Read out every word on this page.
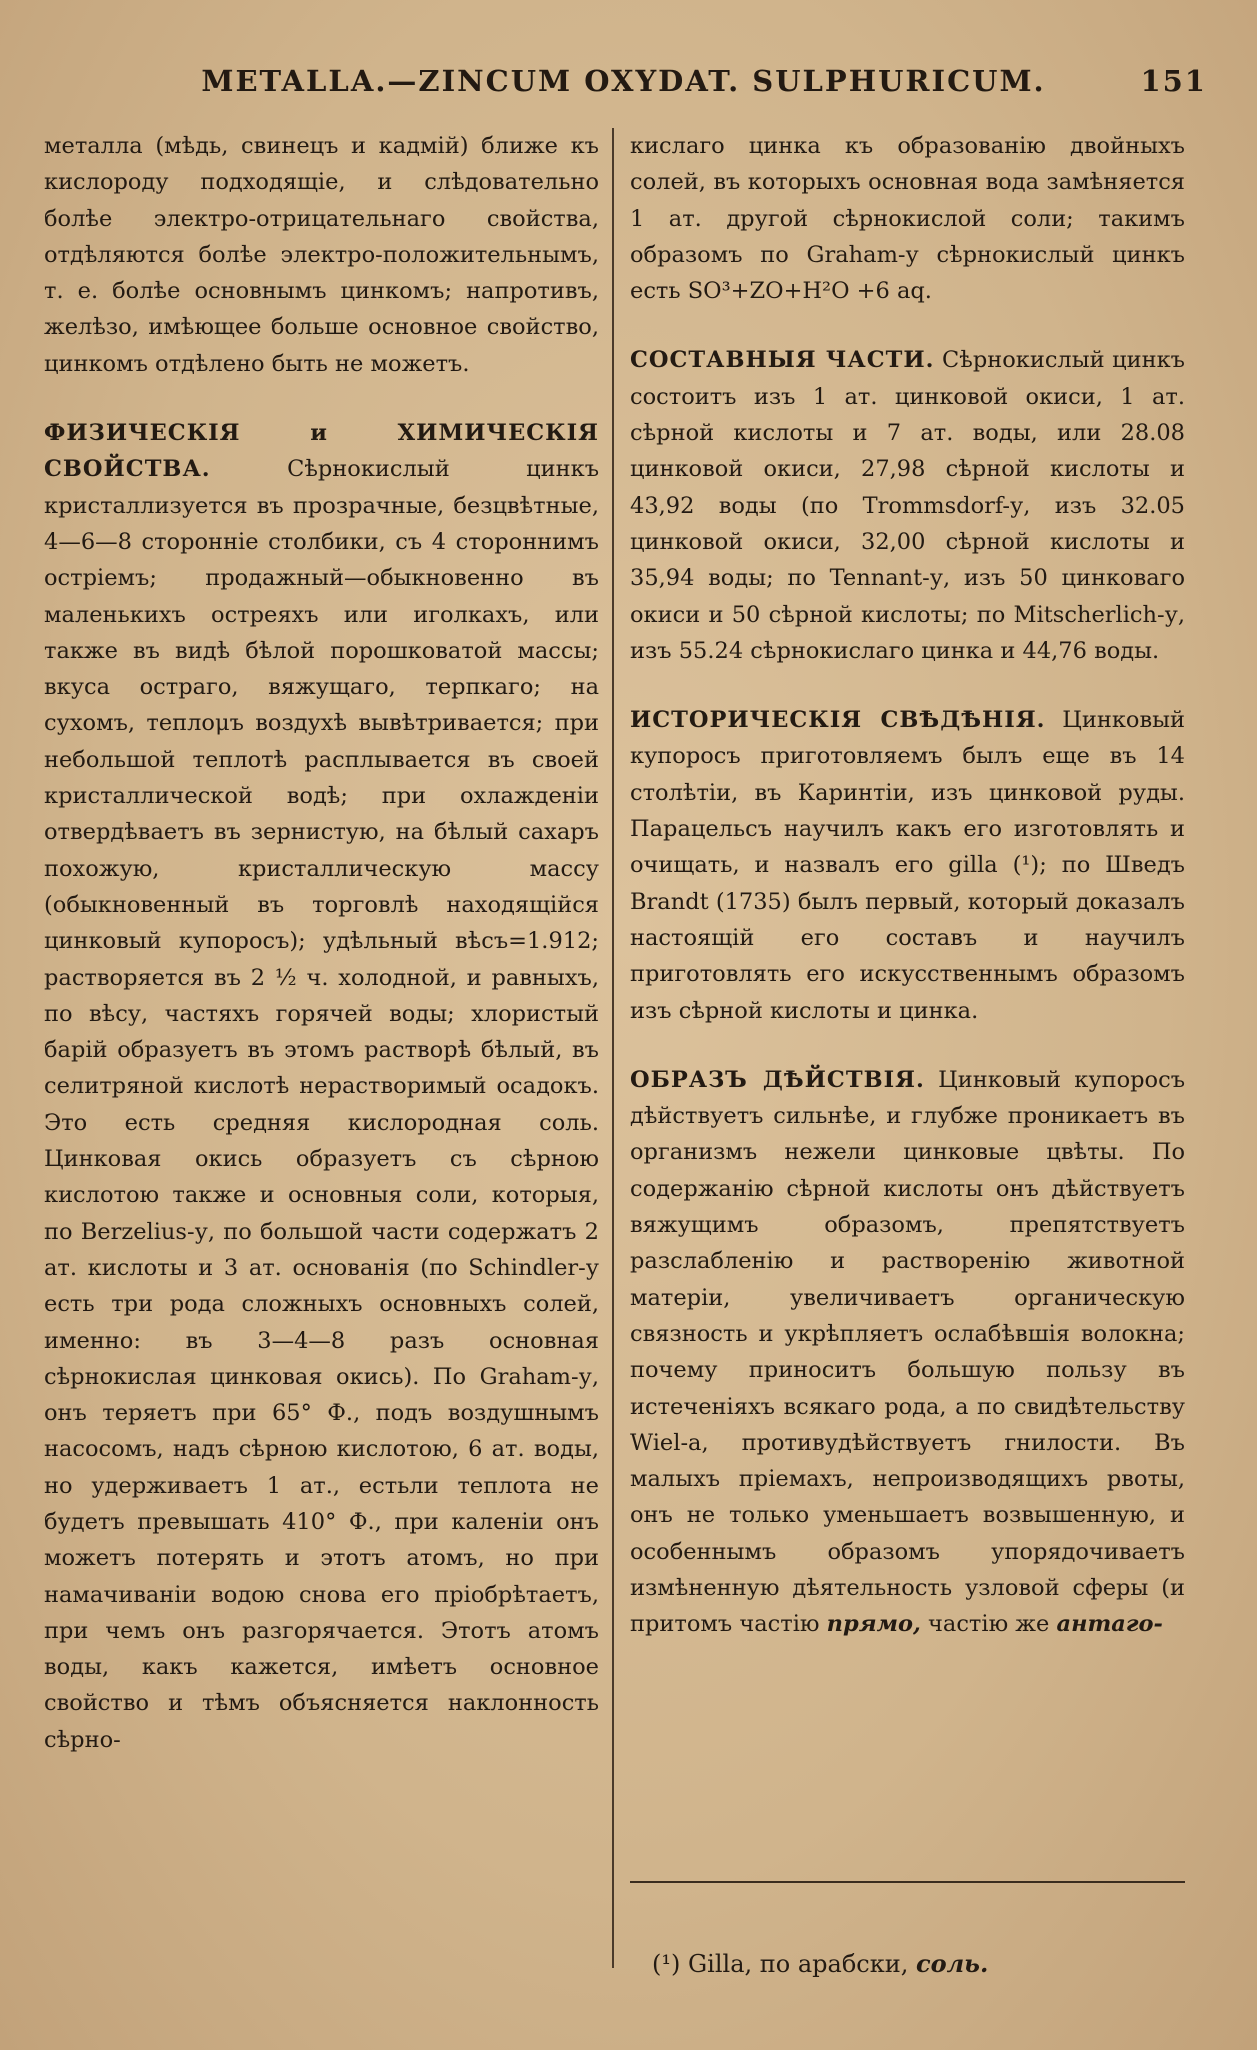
METALLA.—ZINCUM OXYDAT. SULPHURICUM.	151

металла (мѣдь, свинецъ и кадмій) ближе къ кислороду подходящіе, и слѣдовательно болѣе электро-отрицательнаго свойства, отдѣляются болѣе электро-положительнымъ, т. е. болѣе основнымъ цинкомъ; напротивъ, желѣзо, имѣющее больше основное свойство, цинкомъ отдѣлено быть не можетъ.

ФИЗИЧЕСКІЯ и ХИМИЧЕСКІЯ СВОЙСТВА.	Сѣрнокислый цинкъ кристаллизуется въ прозрачные, безцвѣтные, 4—6—8 сторонніе столбики, съ 4 стороннимъ остріемъ; продажный—обыкновенно въ маленькихъ остреяхъ или иголкахъ, или также въ видѣ бѣлой порошковатой массы; вкуса остраго, вяжущаго, терпкаго; на сухомъ, теплομъ воздухѣ вывѣтривается; при небольшой теплотѣ расплывается въ своей кристаллической водѣ; при охлажденіи отвердѣваетъ въ зернистую, на бѣлый сахаръ похожую, кристаллическую массу (обыкновенный въ торговлѣ находящійся цинковый купоросъ); удѣльный вѣсъ=1.912; растворяется въ 2 ½ ч. холодной, и равныхъ, по вѣсу, частяхъ горячей воды; хлористый барій образуетъ въ этомъ растворѣ бѣлый, въ селитряной кислотѣ нерастворимый осадокъ. Это есть средняя кислородная соль. Цинковая окись образуетъ съ сѣрною кислотою также и основныя соли, которыя, по Berzelius-у, по большой части содержатъ 2 ат. кислоты и 3 ат. основанія (по Schindler-у есть три рода сложныхъ основныхъ солей, именно: въ 3—4—8 разъ основная сѣрнокислая цинковая окись). По Graham-у, онъ теряетъ при 65° Ф., подъ воздушнымъ насосомъ, надъ сѣрною кислотою, 6 ат. воды, но удерживаетъ 1 ат., естьли теплота не будетъ превышать 410° Ф., при каленіи онъ можетъ потерять и этотъ атомъ, но при намачиваніи водою снова его пріобрѣтаетъ, при чемъ онъ разгорячается. Этотъ атомъ воды, какъ кажется, имѣетъ основное свойство и тѣмъ объясняется наклонность сѣрно-

кислаго цинка къ образованію двойныхъ солей, въ которыхъ основная вода замѣняется 1 ат. другой сѣрнокислой соли; такимъ образомъ по Graham-у сѣрнокислый цинкъ есть SO³+ZO+H²O +6 aq.

СОСТАВНЫЯ ЧАСТИ. Сѣрнокислый цинкъ состоитъ изъ 1 ат. цинковой окиси, 1 ат. сѣрной кислоты и 7 ат. воды, или 28.08 цинковой окиси, 27,98 сѣрной кислоты и 43,92 воды (по Trommsdorf-у, изъ 32.05 цинковой окиси, 32,00 сѣрной кислоты и 35,94 воды; по Tennant-у, изъ 50 цинковаго окиси и 50 сѣрной кислоты; по Mitscherlich-у, изъ 55.24 сѣрнокислаго цинка и 44,76 воды.

ИСТОРИЧЕСКІЯ СВѢДѢНІЯ. Цинковый купоросъ приготовляемъ былъ еще въ 14 столѣтіи, въ Каринтіи, изъ цинковой руды. Парацельсъ научилъ какъ его изготовлять и очищать, и назвалъ его gilla (¹); по Шведъ Brandt (1735) былъ первый, который доказалъ настоящій его составъ и научилъ приготовлять его искусственнымъ образомъ изъ сѣрной кислоты и цинка.

ОБРАЗЪ ДѢЙСТВІЯ. Цинковый купоросъ дѣйствуетъ сильнѣе, и глубже проникаетъ въ организмъ нежели цинковые цвѣты. По содержанію сѣрной кислоты онъ дѣйствуетъ вяжущимъ образомъ, препятствуетъ разслабленію и растворенію животной матеріи, увеличиваетъ органическую связность и укрѣпляетъ ослабѣвшія волокна; почему приноситъ большую пользу въ истеченіяхъ всякаго рода, а по свидѣтельству Wiel-а, противудѣйствуетъ гнилости. Въ малыхъ пріемахъ, непроизводящихъ рвоты, онъ не только уменьшаетъ возвышенную, и особеннымъ образомъ упорядочиваетъ измѣненную дѣятельность узловой сферы (и притомъ частію прямо, частію же антаго-

(¹) Gilla, по арабски, соль.
